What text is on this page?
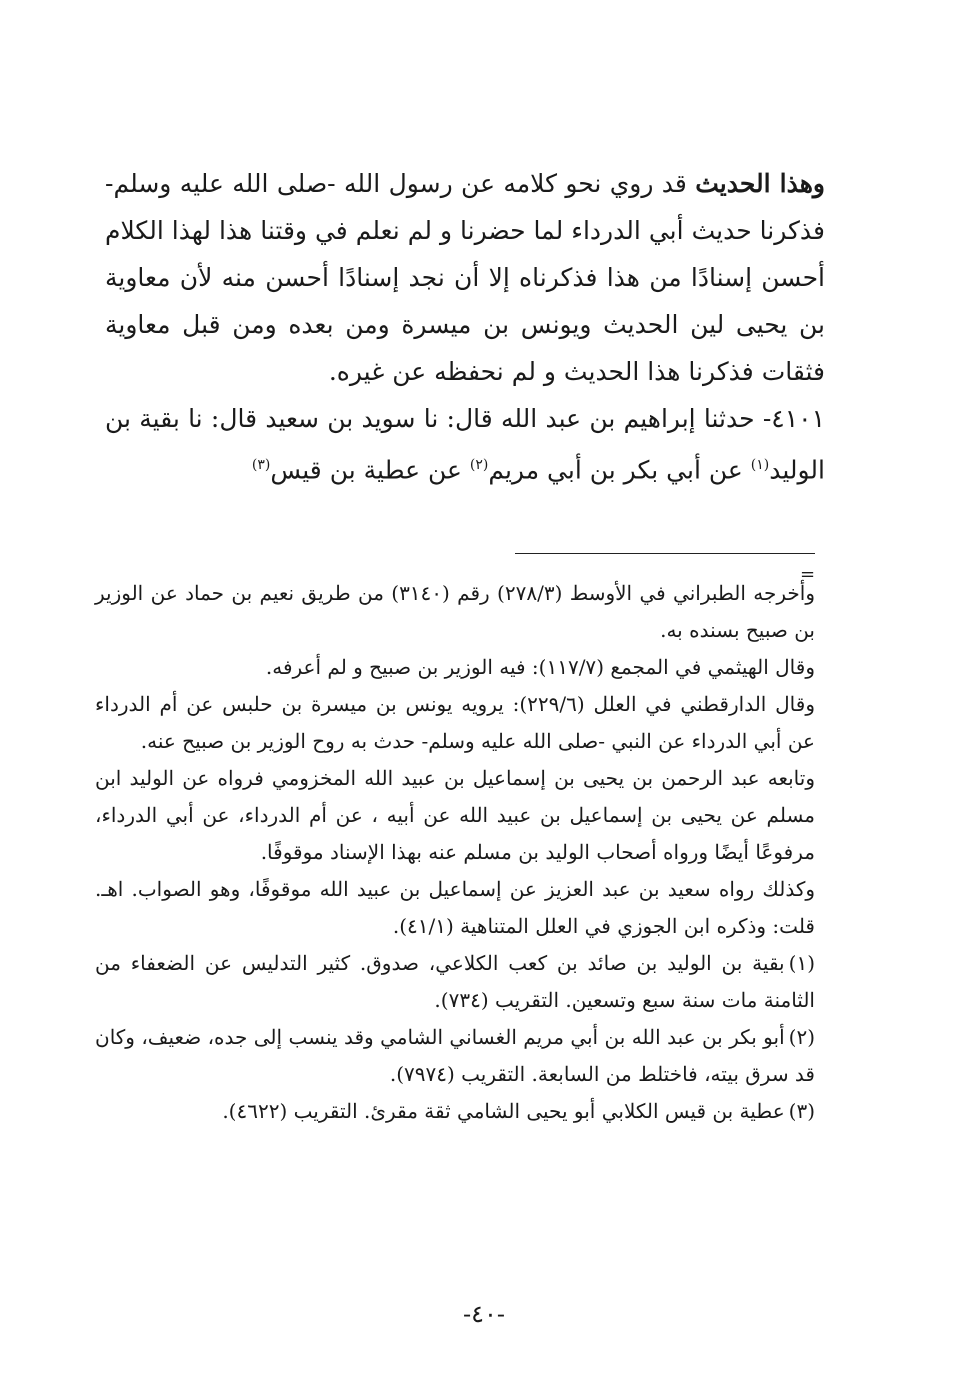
وهذا الحديث قد روي نحو كلامه عن رسول الله -صلى الله عليه وسلم- فذكرنا حديث أبي الدرداء لما حضرنا و لم نعلم في وقتنا هذا لهذا الكلام أحسن إسنادًا من هذا فذكرناه إلا أن نجد إسنادًا أحسن منه لأن معاوية بن يحيى لين الحديث ويونس بن ميسرة ومن بعده ومن قبل معاوية فثقات فذكرنا هذا الحديث و لم نحفظه عن غيره.

٤١٠١- حدثنا إبراهيم بن عبد الله قال: نا سويد بن سعيد قال: نا بقية بن الوليد$^{(١)}$ عن أبي بكر بن أبي مريم$^{(٢)}$ عن عطية بن قيس$^{(٣)}$

=

وأخرجه الطبراني في الأوسط (٢٧٨/٣) رقم (٣١٤٠) من طريق نعيم بن حماد عن الوزير بن صبيح بسنده به.

وقال الهيثمي في المجمع (١١٧/٧): فيه الوزير بن صبيح و لم أعرفه.

وقال الدارقطني في العلل (٢٢٩/٦): يرويه يونس بن ميسرة بن حلبس عن أم الدرداء عن أبي الدرداء عن النبي -صلى الله عليه وسلم- حدث به روح الوزير بن صبيح عنه.

وتابعه عبد الرحمن بن يحيى بن إسماعيل بن عبيد الله المخزومي فرواه عن الوليد ابن مسلم عن يحيى بن إسماعيل بن عبيد الله عن أبيه ، عن أم الدرداء، عن أبي الدرداء، مرفوعًا أيضًا ورواه أصحاب الوليد بن مسلم عنه بهذا الإسناد موقوفًا.

وكذلك رواه سعيد بن عبد العزيز عن إسماعيل بن عبيد الله موقوفًا، وهو الصواب. اهـ. قلت: وذكره ابن الجوزي في العلل المتناهية (٤١/١).

(١)بقية بن الوليد بن صائد بن كعب الكلاعي، صدوق. كثير التدليس عن الضعفاء من الثامنة مات سنة سبع وتسعين. التقريب (٧٣٤).

(٢)أبو بكر بن عبد الله بن أبي مريم الغساني الشامي وقد ينسب إلى جده، ضعيف، وكان قد سرق بيته، فاختلط من السابعة. التقريب (٧٩٧٤).

(٣)عطية بن قيس الكلابي أبو يحيى الشامي ثقة مقرئ. التقريب (٤٦٢٢).

-٤٠-
